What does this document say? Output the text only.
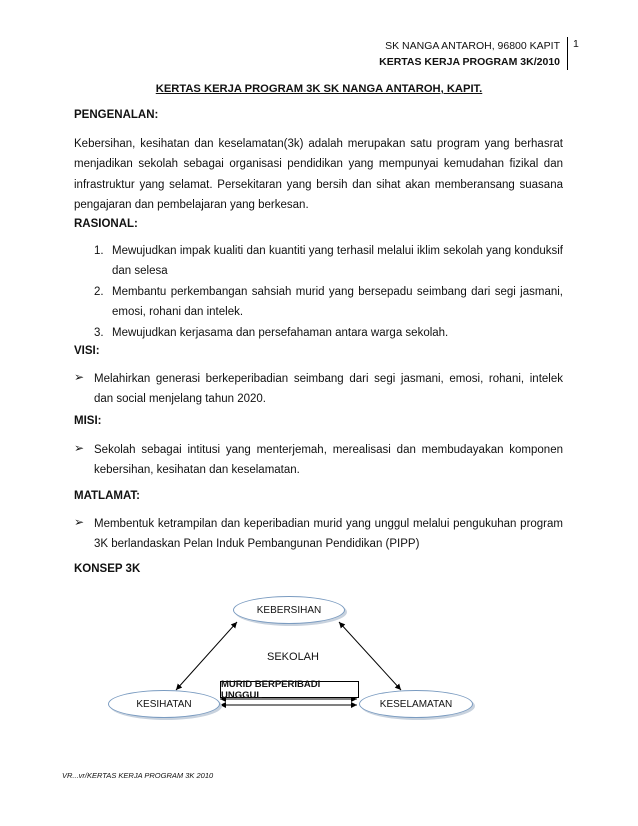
SK NANGA ANTAROH, 96800 KAPIT
KERTAS KERJA PROGRAM 3K/2010
1
KERTAS KERJA PROGRAM 3K SK NANGA ANTAROH, KAPIT.
PENGENALAN:
Kebersihan, kesihatan dan keselamatan(3k) adalah merupakan satu program yang berhasrat menjadikan sekolah sebagai organisasi pendidikan yang mempunyai kemudahan fizikal dan infrastruktur yang selamat. Persekitaran yang bersih dan sihat akan memberansang suasana pengajaran dan pembelajaran yang berkesan.
RASIONAL:
1. Mewujudkan impak kualiti dan kuantiti yang terhasil melalui iklim sekolah yang konduksif dan selesa
2. Membantu perkembangan sahsiah murid yang bersepadu seimbang dari segi jasmani, emosi, rohani dan intelek.
3. Mewujudkan kerjasama dan persefahaman antara warga sekolah.
VISI:
➢ Melahirkan generasi berkeperibadian seimbang dari segi jasmani, emosi, rohani, intelek dan social menjelang tahun 2020.
MISI:
➢ Sekolah sebagai intitusi yang menterjemah, merealisasi dan membudayakan komponen kebersihan, kesihatan dan keselamatan.
MATLAMAT:
➢ Membentuk ketrampilan dan keperibadian murid yang unggul melalui pengukuhan program 3K berlandaskan Pelan Induk Pembangunan Pendidikan (PIPP)
KONSEP 3K
KEBERSIHAN
KESIHATAN	KESELAMATAN
SEKOLAH
MURID BERPERIBADI UNGGUL
VR...vr/KERTAS KERJA PROGRAM 3K 2010
